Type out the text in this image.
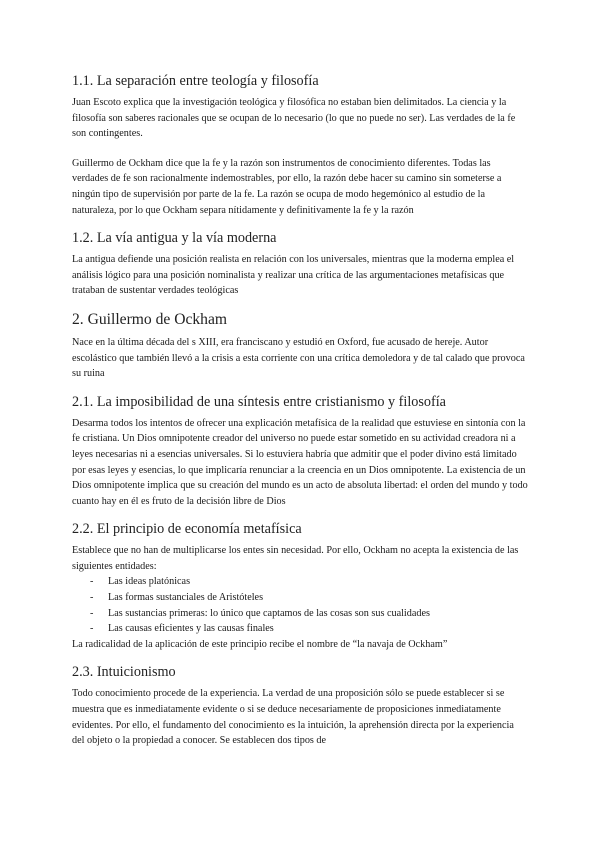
1.1. La separación entre teología y filosofía

Juan Escoto explica que la investigación teológica y filosófica no estaban bien delimitados. La ciencia y la filosofía son saberes racionales que se ocupan de lo necesario (lo que no puede no ser). Las verdades de la fe son contingentes.

Guillermo de Ockham dice que la fe y la razón son instrumentos de conocimiento diferentes. Todas las verdades de fe son racionalmente indemostrables, por ello, la razón debe hacer su camino sin someterse a ningún tipo de supervisión por parte de la fe. La razón se ocupa de modo hegemónico al estudio de la naturaleza, por lo que Ockham separa nítidamente y definitivamente la fe y la razón

1.2. La vía antigua y la vía moderna

La antigua defiende una posición realista en relación con los universales, mientras que la moderna emplea el análisis lógico para una posición nominalista y realizar una crítica de las argumentaciones metafísicas que trataban de sustentar verdades teológicas

2. Guillermo de Ockham

Nace en la última década del s XIII, era franciscano y estudió en Oxford, fue acusado de hereje. Autor escolástico que también llevó a la crisis a esta corriente con una crítica demoledora y de tal calado que provoca su ruina

2.1. La imposibilidad de una síntesis entre cristianismo y filosofía

Desarma todos los intentos de ofrecer una explicación metafísica de la realidad que estuviese en sintonía con la fe cristiana. Un Dios omnipotente creador del universo no puede estar sometido en su actividad creadora ni a leyes necesarias ni a esencias universales. Si lo estuviera habría que admitir que el poder divino está limitado por esas leyes y esencias, lo que implicaría renunciar a la creencia en un Dios omnipotente. La existencia de un Dios omnipotente implica que su creación del mundo es un acto de absoluta libertad: el orden del mundo y todo cuanto hay en él es fruto de la decisión libre de Dios

2.2. El principio de economía metafísica

Establece que no han de multiplicarse los entes sin necesidad. Por ello, Ockham no acepta la existencia de las siguientes entidades:

- Las ideas platónicas
- Las formas sustanciales de Aristóteles
- Las sustancias primeras: lo único que captamos de las cosas son sus cualidades
- Las causas eficientes y las causas finales

La radicalidad de la aplicación de este principio recibe el nombre de “la navaja de Ockham”

2.3. Intuicionismo

Todo conocimiento procede de la experiencia. La verdad de una proposición sólo se puede establecer si se muestra que es inmediatamente evidente o si se deduce necesariamente de proposiciones inmediatamente evidentes. Por ello, el fundamento del conocimiento es la intuición, la aprehensión directa por la experiencia del objeto o la propiedad a conocer. Se establecen dos tipos de
